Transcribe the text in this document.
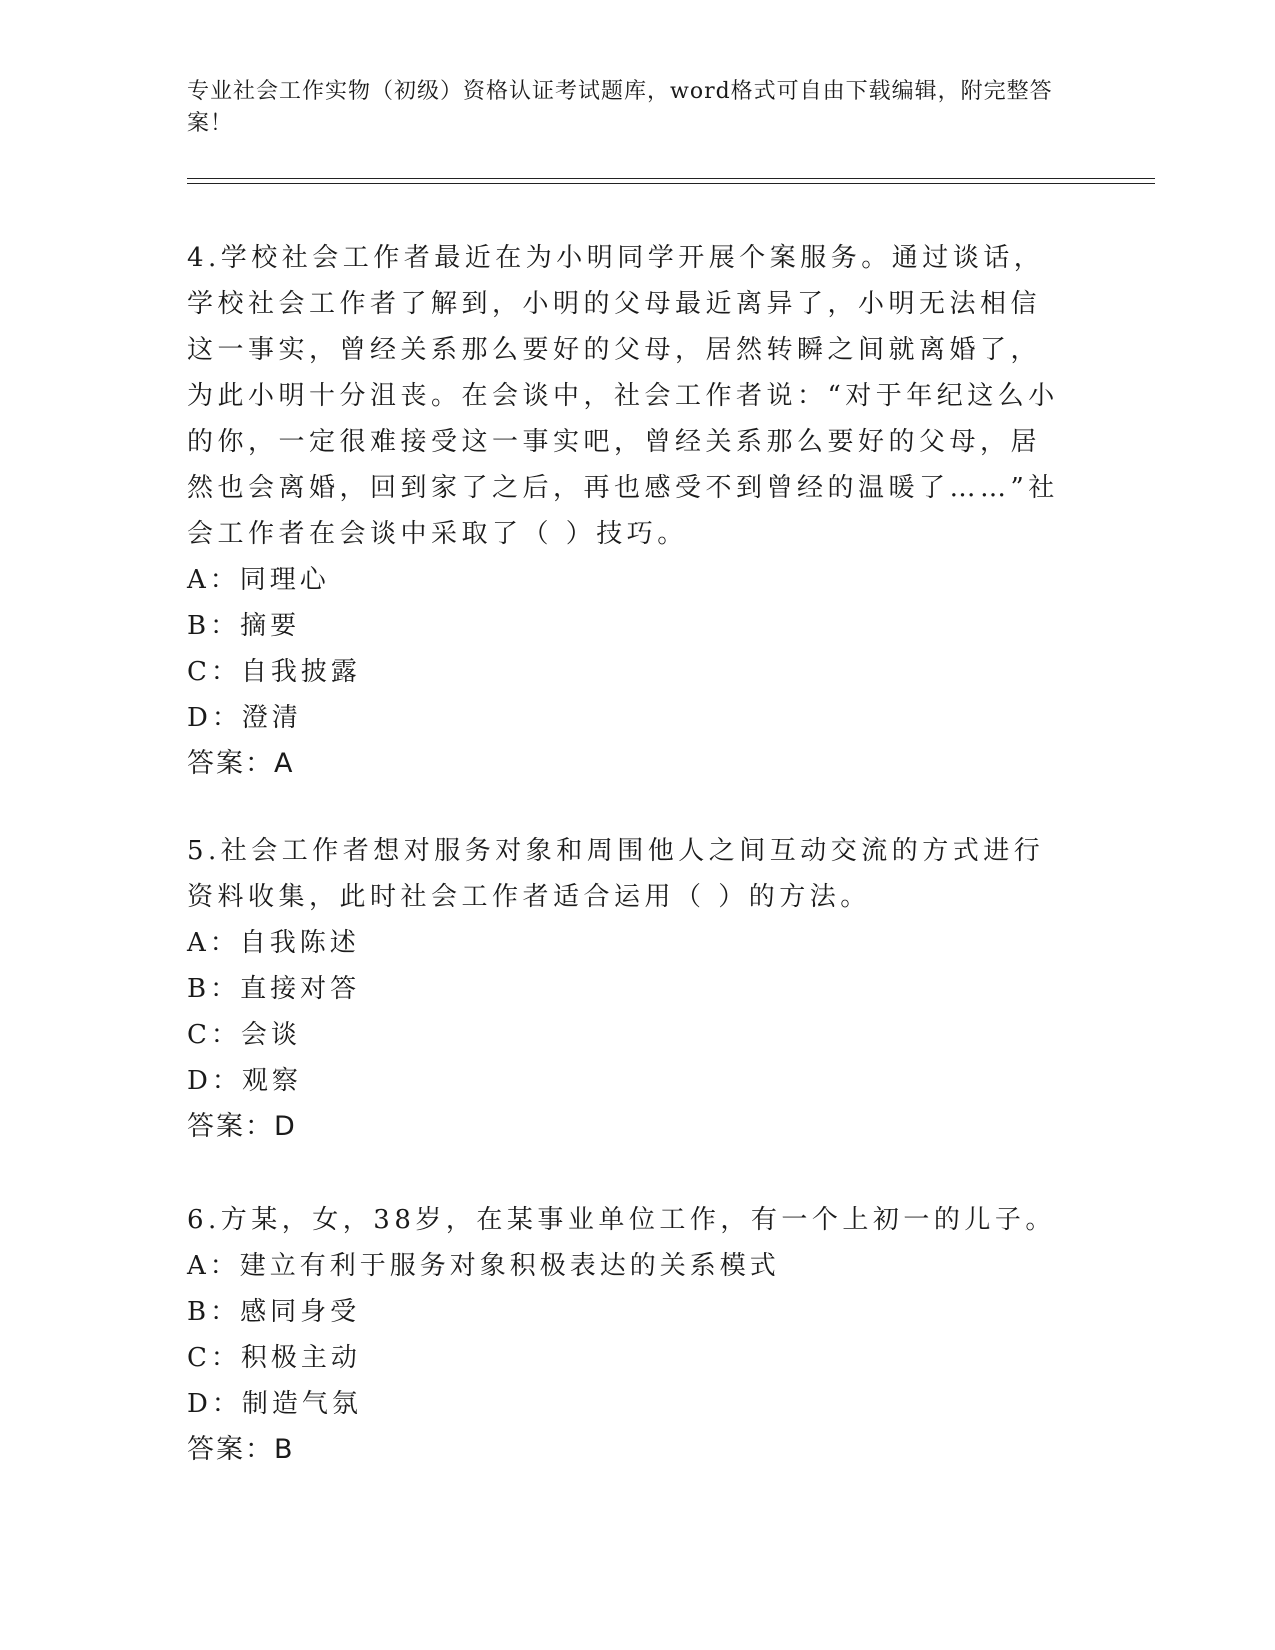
专业社会工作实物（初级）资格认证考试题库，word格式可自由下载编辑，附完整答案！

4.学校社会工作者最近在为小明同学开展个案服务。通过谈话，学校社会工作者了解到，小明的父母最近离异了，小明无法相信这一事实，曾经关系那么要好的父母，居然转瞬之间就离婚了，为此小明十分沮丧。在会谈中，社会工作者说：“对于年纪这么小的你，一定很难接受这一事实吧，曾经关系那么要好的父母，居然也会离婚，回到家了之后，再也感受不到曾经的温暖了……”社会工作者在会谈中采取了（ ）技巧。

A：同理心

B：摘要

C：自我披露

D：澄清

答案：A

5.社会工作者想对服务对象和周围他人之间互动交流的方式进行资料收集，此时社会工作者适合运用（ ）的方法。

A：自我陈述

B：直接对答

C：会谈

D：观察

答案：D

6.方某，女，38岁，在某事业单位工作，有一个上初一的儿子。

A：建立有利于服务对象积极表达的关系模式

B：感同身受

C：积极主动

D：制造气氛

答案：B
